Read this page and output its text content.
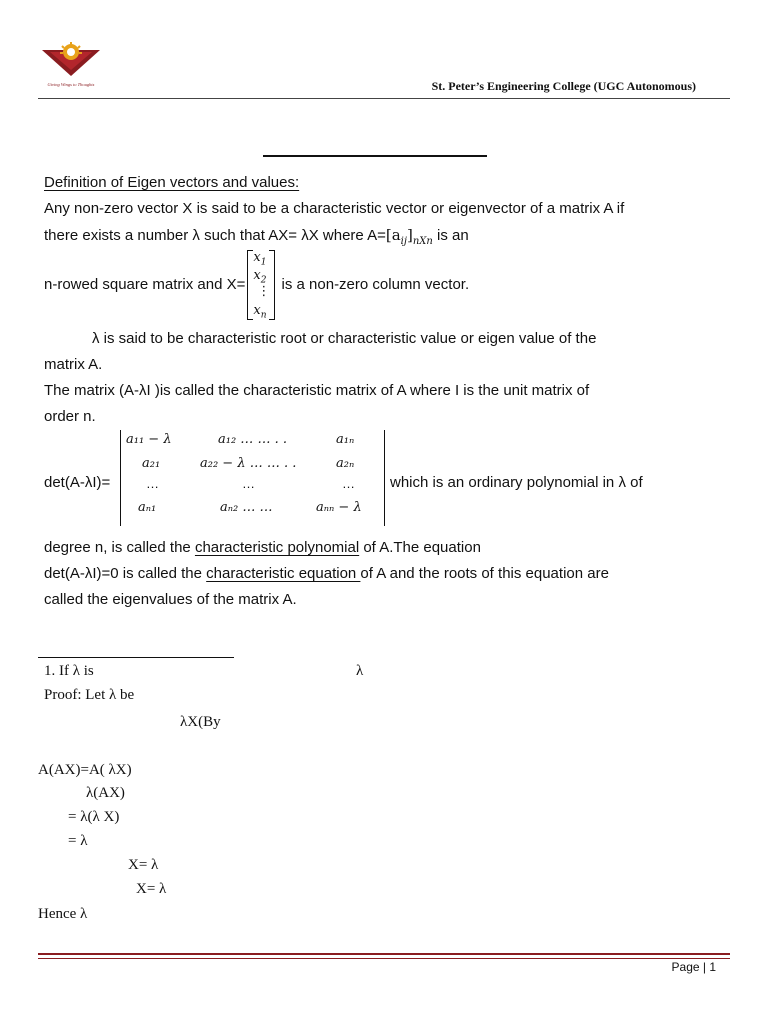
Giving Wings to Thoughts	St. Peter’s Engineering College (UGC Autonomous)
Definition of Eigen vectors and values:
Any non-zero vector X is said to be a characteristic vector or eigenvector of a matrix A if
there exists a number λ such that AX= λX where $A=[a_{ij}]_{nXn}$ is an
n-rowed square matrix and X=
$x_1$
$x_2$
⋮
$x_n$
is a non-zero column vector.
λ is said to be characteristic root or characteristic value or eigen value of the
matrix A.
The matrix (A-λI )is called the characteristic matrix of A where I is the unit matrix of
order n.
det(A-λI)=
a₁₁ − λ	a₁₂ … … . .	a₁ₙ
a₂₁	a₂₂ − λ … … . .	a₂ₙ
…	…	…
aₙ₁	aₙ₂ … …	aₙₙ − λ
which is an ordinary polynomial in λ of
degree n, is called the characteristic polynomial of A.The equation
det(A-λI)=0 is called the characteristic equation of A and the roots of this equation are
called the eigenvalues of the matrix A.
1. If λ is	λ
Proof: Let λ be
λX(By
A(AX)=A( λX)
λ(AX)
= λ(λ X)
= λ
X= λ
X= λ
Hence λ
Page | 1
